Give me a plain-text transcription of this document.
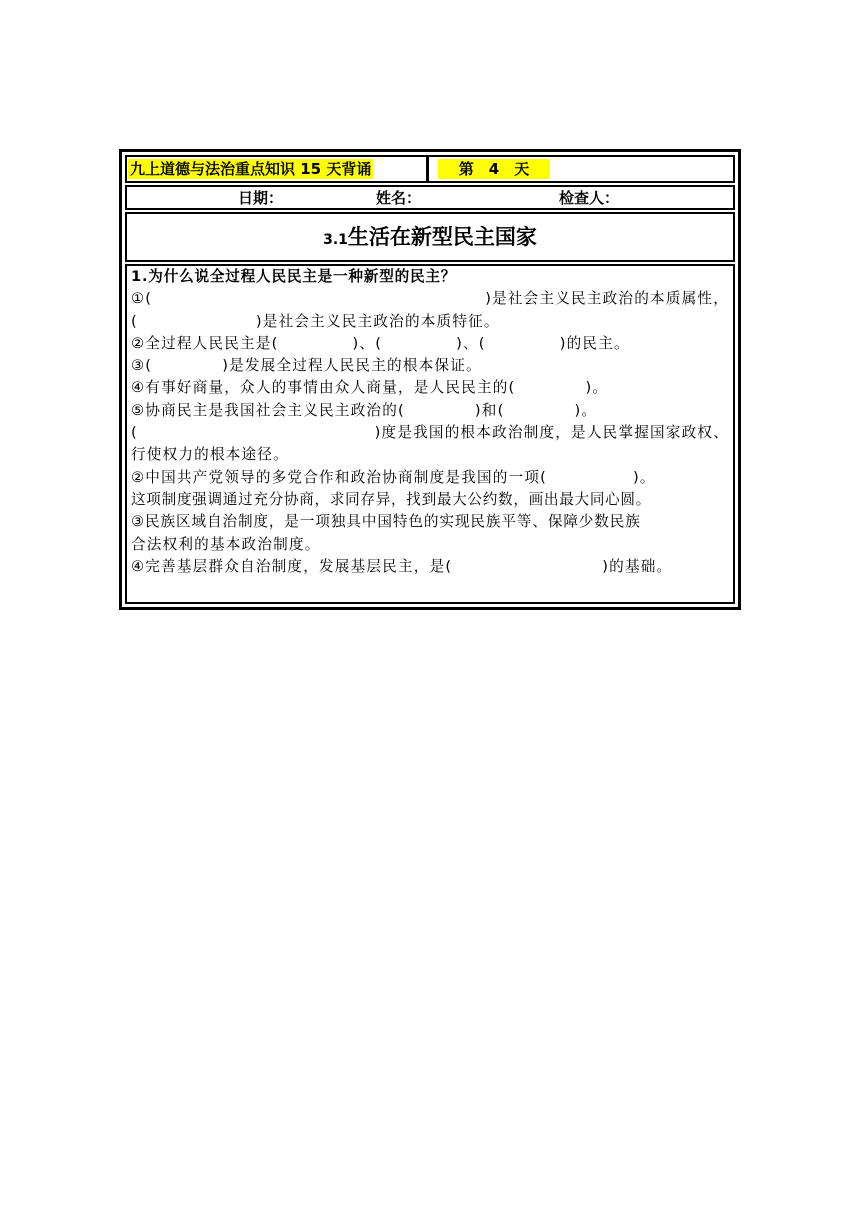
九上道德与法治重点知识 15 天背诵	第　4　天
日期：	姓名：	检查人：
3.1生活在新型民主国家
1.为什么说全过程人民民主是一种新型的民主？
①(	)是社会主义民主政治的本质属性，
(	)是社会主义民主政治的本质特征。
②全过程人民民主是(	)、(	)、(	)的民主。
③(	)是发展全过程人民民主的根本保证。
④有事好商量，众人的事情由众人商量，是人民民主的(	)。
⑤协商民主是我国社会主义民主政治的(	)和(	)。
(	)度是我国的根本政治制度，是人民掌握国家政权、
行使权力的根本途径。
②中国共产党领导的多党合作和政治协商制度是我国的一项(	)。
这项制度强调通过充分协商，求同存异，找到最大公约数，画出最大同心圆。
③民族区域自治制度，是一项独具中国特色的实现民族平等、保障少数民族
合法权利的基本政治制度。
④完善基层群众自治制度，发展基层民主，是(	)的基础。
